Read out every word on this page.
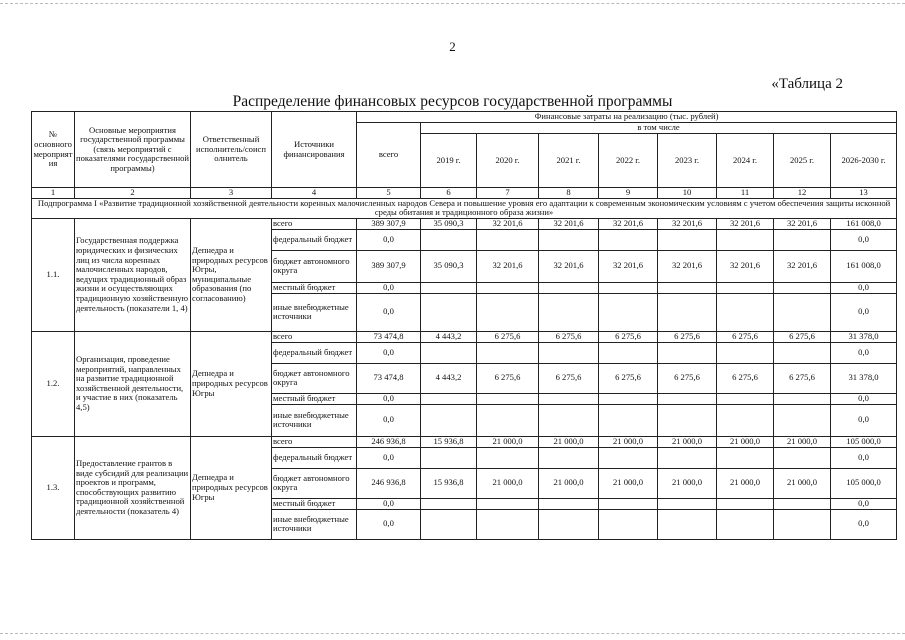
2
«Таблица 2
Распределение финансовых ресурсов государственной программы
№ основного мероприят ия	Основные мероприятия государственной программы (связь мероприятий с показателями государственной программы)	Ответственный исполнитель/соисп олнитель	Источники финансирования	Финансовые затраты на реализацию (тыс. рублей)								
				всего	в том числе							
					2019 г.	2020 г.	2021 г.	2022 г.	2023 г.	2024 г.	2025 г.	2026-2030 г.
1	2	3	4	5	6	7	8	9	10	11	12	13
Подпрограмма I «Развитие традиционной хозяйственной деятельности коренных малочисленных народов Севера и повышение уровня его адаптации к современным экономическим условиям с учетом обеспечения защиты исконной среды обитания и традиционного образа жизни»												
1.1.	Государственная поддержка юридических и физических лиц из числа коренных малочисленных народов, ведущих традиционный образ жизни и осуществляющих традиционную хозяйственную деятельность (показатели 1, 4)	Депнедра и природных ресурсов Югры, муниципальные образования (по согласованию)	всего	389 307,9	35 090,3	32 201,6	32 201,6	32 201,6	32 201,6	32 201,6	32 201,6	161 008,0
			федеральный бюджет	0,0								0,0
			бюджет автономного округа	389 307,9	35 090,3	32 201,6	32 201,6	32 201,6	32 201,6	32 201,6	32 201,6	161 008,0
			местный бюджет	0,0								0,0
			иные внебюджетные источники	0,0								0,0
1.2.	Организация, проведение мероприятий, направленных на развитие традиционной хозяйственной деятельности, и участие в них (показатель 4,5)	Депнедра и природных ресурсов Югры	всего	73 474,8	4 443,2	6 275,6	6 275,6	6 275,6	6 275,6	6 275,6	6 275,6	31 378,0
			федеральный бюджет	0,0								0,0
			бюджет автономного округа	73 474,8	4 443,2	6 275,6	6 275,6	6 275,6	6 275,6	6 275,6	6 275,6	31 378,0
			местный бюджет	0,0								0,0
			иные внебюджетные источники	0,0								0,0
1.3.	Предоставление грантов в виде субсидий для реализации проектов и программ, способствующих развитию традиционной хозяйственной деятельности (показатель 4)	Депнедра и природных ресурсов Югры	всего	246 936,8	15 936,8	21 000,0	21 000,0	21 000,0	21 000,0	21 000,0	21 000,0	105 000,0
			федеральный бюджет	0,0								0,0
			бюджет автономного округа	246 936,8	15 936,8	21 000,0	21 000,0	21 000,0	21 000,0	21 000,0	21 000,0	105 000,0
			местный бюджет	0,0								0,0
			иные внебюджетные источники	0,0								0,0
